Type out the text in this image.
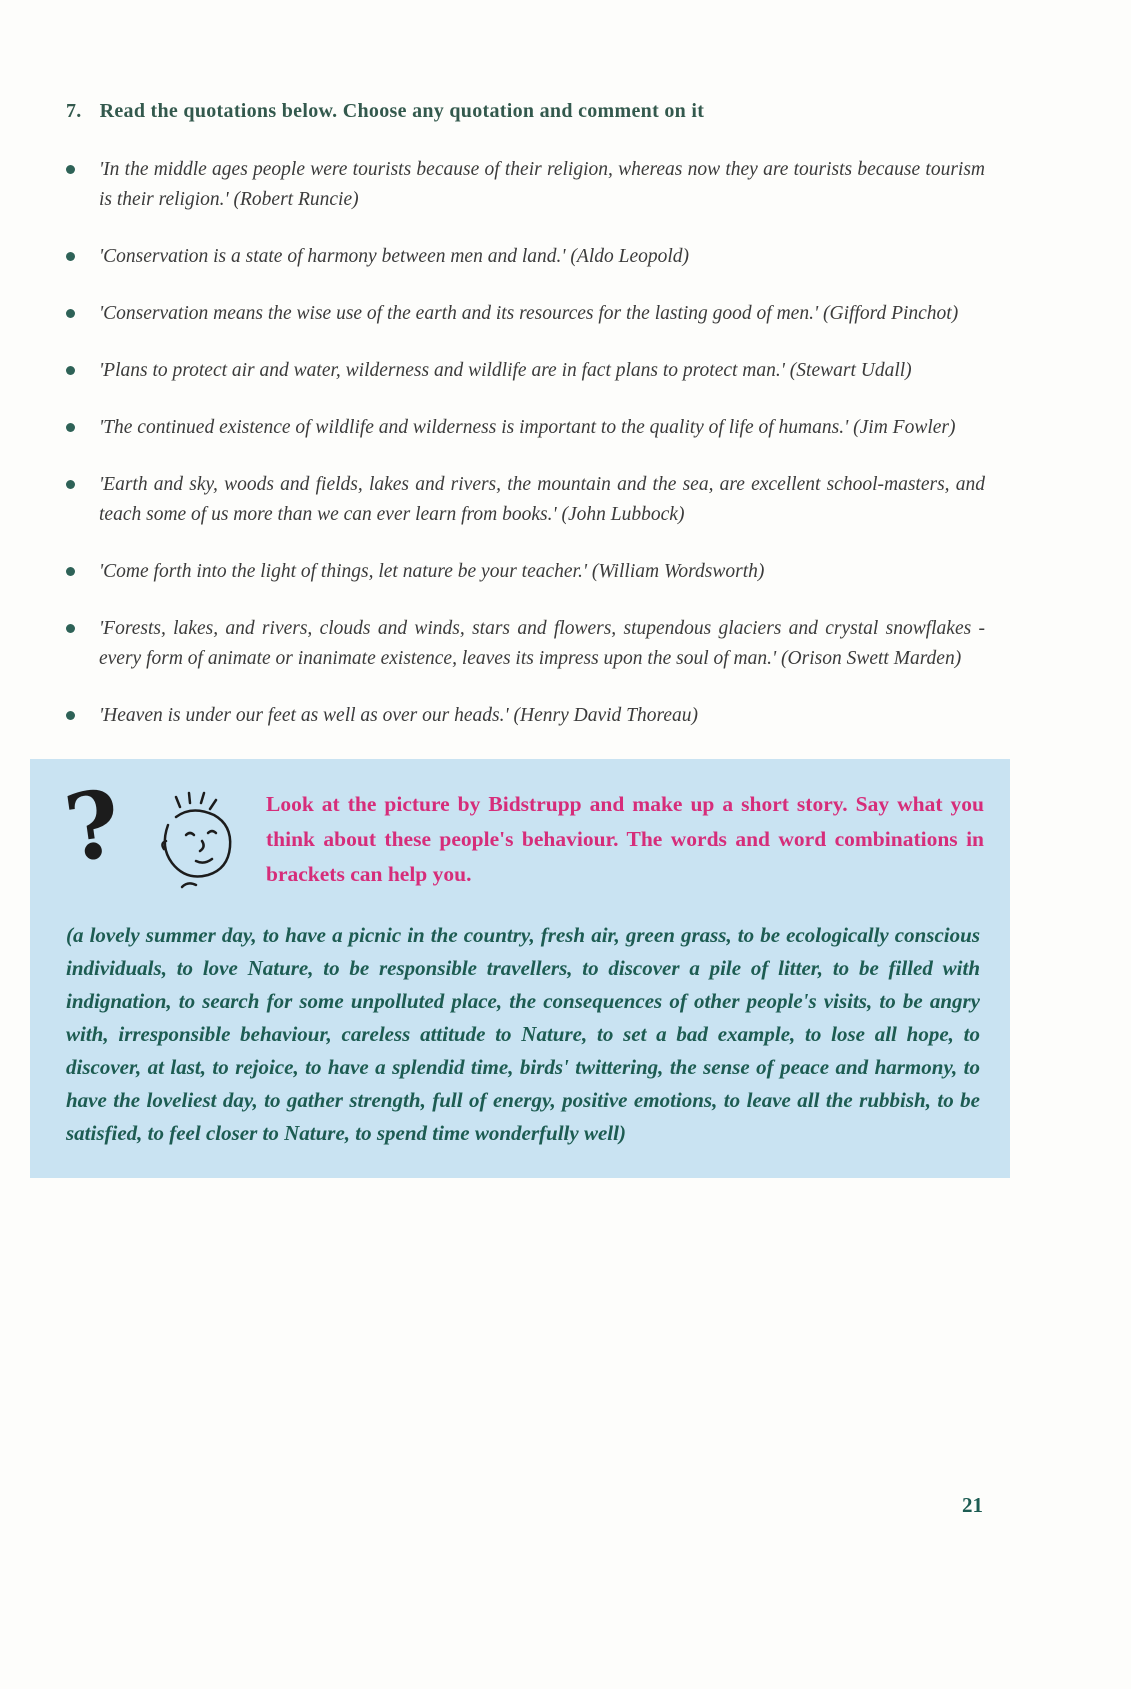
7. Read the quotations below. Choose any quotation and comment on it
'In the middle ages people were tourists because of their religion, whereas now they are tourists because tourism is their religion.' (Robert Runcie)
'Conservation is a state of harmony between men and land.' (Aldo Leopold)
'Conservation means the wise use of the earth and its resources for the lasting good of men.' (Gifford Pinchot)
'Plans to protect air and water, wilderness and wildlife are in fact plans to protect man.' (Stewart Udall)
'The continued existence of wildlife and wilderness is important to the quality of life of humans.' (Jim Fowler)
'Earth and sky, woods and fields, lakes and rivers, the mountain and the sea, are excellent school-masters, and teach some of us more than we can ever learn from books.' (John Lubbock)
'Come forth into the light of things, let nature be your teacher.' (William Wordsworth)
'Forests, lakes, and rivers, clouds and winds, stars and flowers, stupendous glaciers and crystal snowflakes - every form of animate or inanimate existence, leaves its impress upon the soul of man.' (Orison Swett Marden)
'Heaven is under our feet as well as over our heads.' (Henry David Thoreau)
?	Look at the picture by Bidstrupp and make up a short story. Say what you think about these people's behaviour. The words and word combinations in brackets can help you.
(a lovely summer day, to have a picnic in the country, fresh air, green grass, to be ecologically conscious individuals, to love Nature, to be responsible travellers, to discover a pile of litter, to be filled with indignation, to search for some unpolluted place, the consequences of other people's visits, to be angry with, irresponsible behaviour, careless attitude to Nature, to set a bad example, to lose all hope, to discover, at last, to rejoice, to have a splendid time, birds' twittering, the sense of peace and harmony, to have the loveliest day, to gather strength, full of energy, positive emotions, to leave all the rubbish, to be satisfied, to feel closer to Nature, to spend time wonderfully well)
21
